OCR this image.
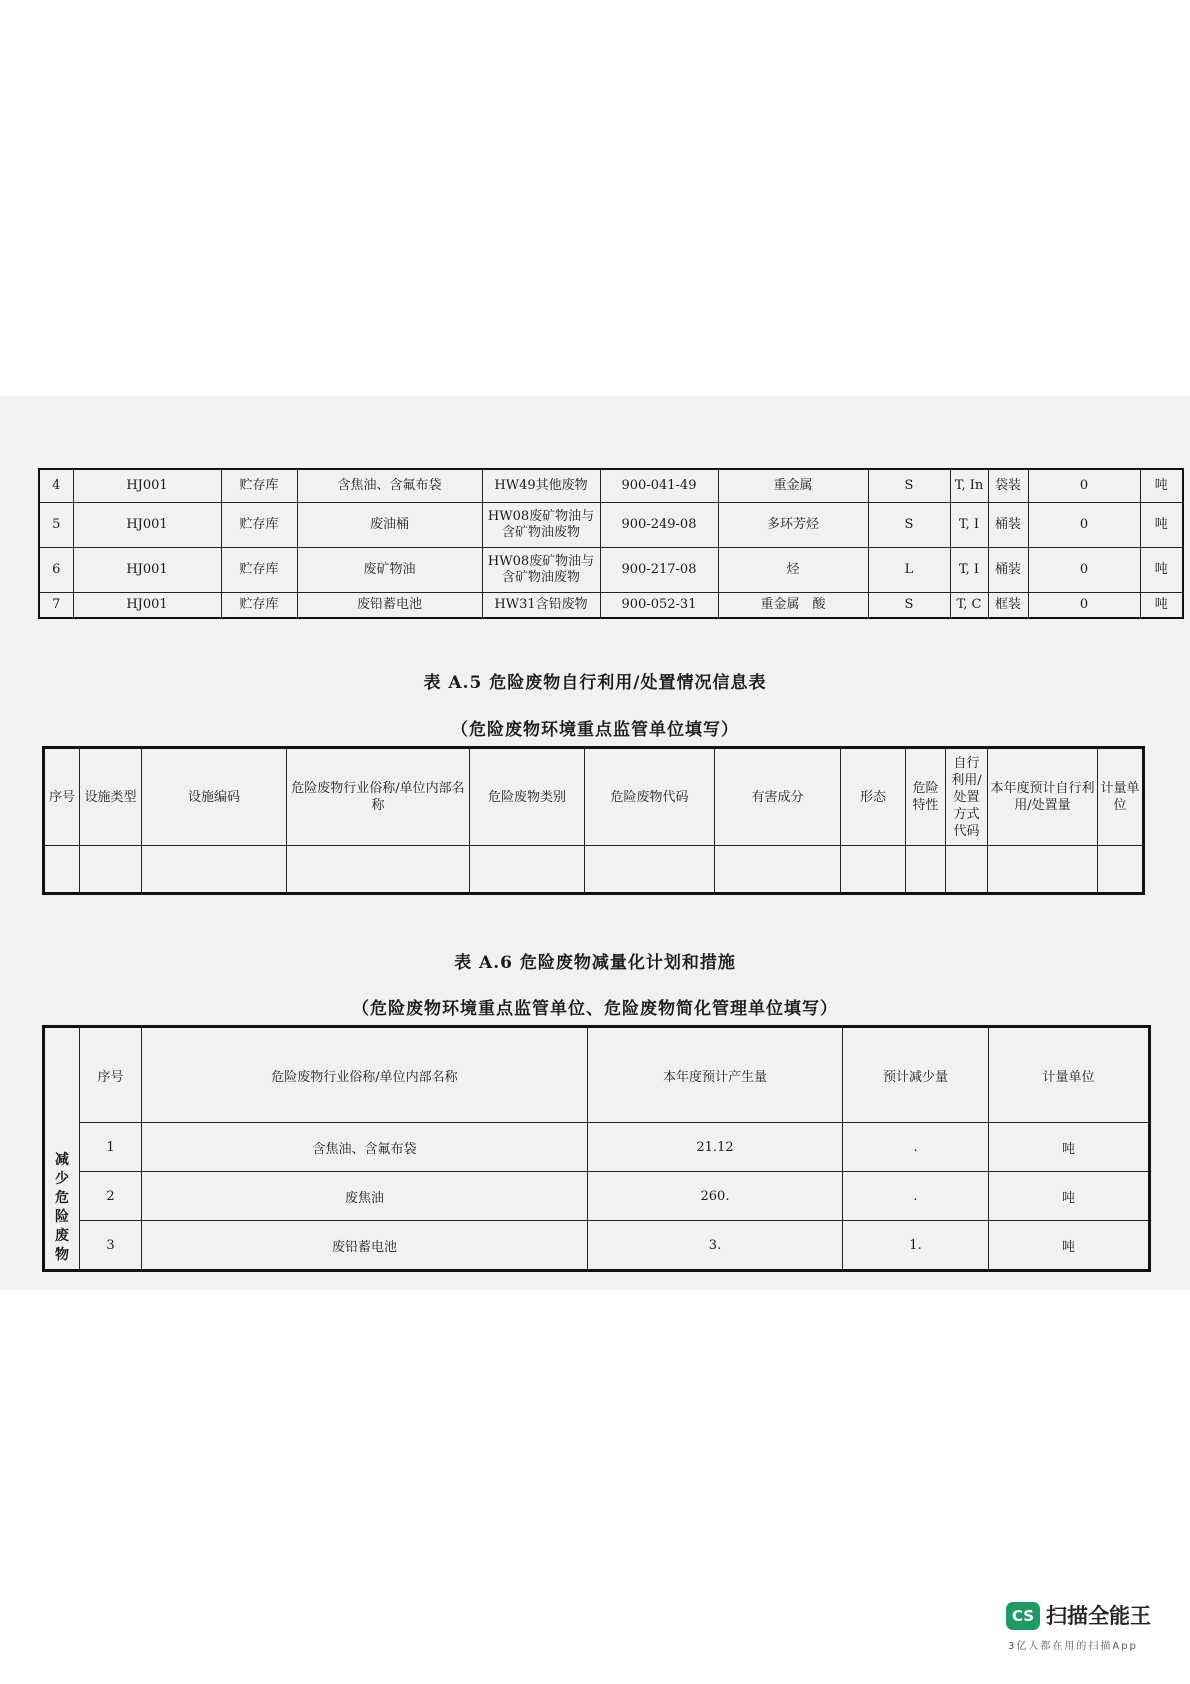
4	HJ001	贮存库	含焦油、含氟布袋	HW49其他废物	900-041-49	重金属	S	T, In	袋装	0	吨
5	HJ001	贮存库	废油桶	HW08废矿物油与含矿物油废物	900-249-08	多环芳烃	S	T, I	桶装	0	吨
6	HJ001	贮存库	废矿物油	HW08废矿物油与含矿物油废物	900-217-08	烃	L	T, I	桶装	0	吨
7	HJ001	贮存库	废铅蓄电池	HW31含铅废物	900-052-31	重金属　酸	S	T, C	框装	0	吨
表 A.5 危险废物自行利用/处置情况信息表
（危险废物环境重点监管单位填写）
序号	设施类型	设施编码	危险废物行业俗称/单位内部名称	危险废物类别	危险废物代码	有害成分	形态	危险特性	自行利用/处置方式代码	本年度预计自行利用/处置量	计量单位

表 A.6 危险废物减量化计划和措施
（危险废物环境重点监管单位、危险废物简化管理单位填写）
减少危险废物	序号	危险废物行业俗称/单位内部名称	本年度预计产生量	预计减少量	计量单位
	1	含焦油、含氟布袋	21.12	.	吨
	2	废焦油	260.	.	吨
	3	废铅蓄电池	3.	1.	吨
CS 扫描全能王
3亿人都在用的扫描App
